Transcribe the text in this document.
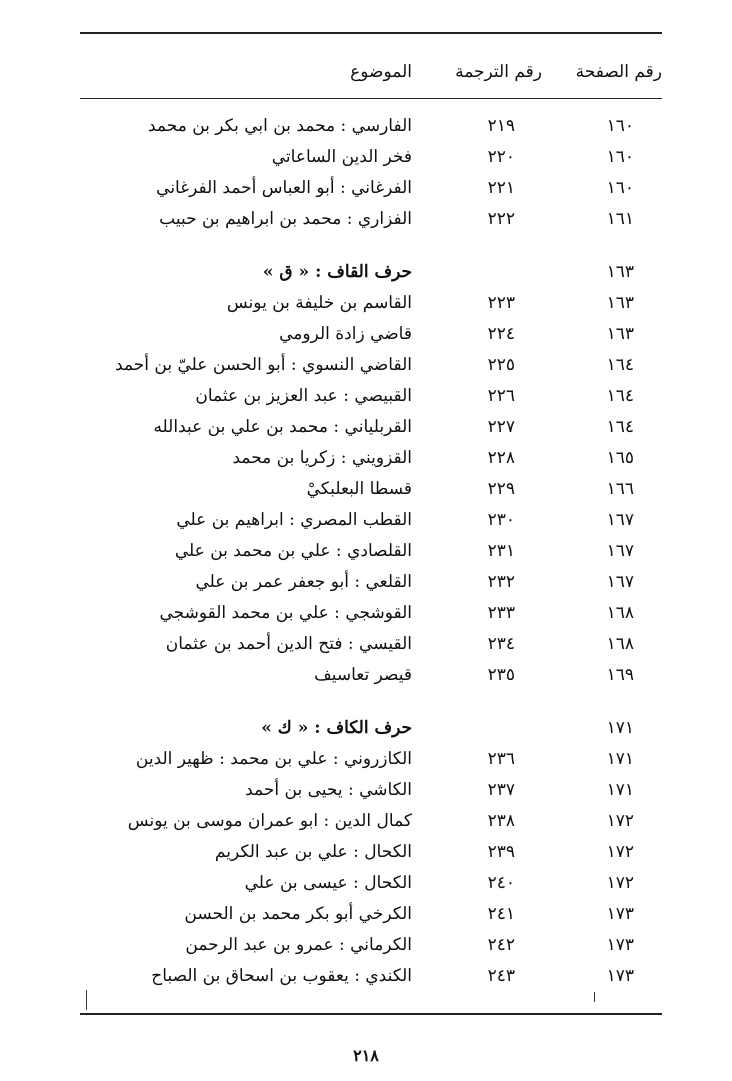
رقم الصفحة
رقم الترجمة
الموضوع
١٦٠
٢١٩
الفارسي : محمد بن ابي بكر بن محمد
١٦٠
٢٢٠
فخر الدين الساعاتي
١٦٠
٢٢١
الفرغاني : أبو العباس أحمد الفرغاني
١٦١
٢٢٢
الفزاري : محمد بن ابراهيم بن حبيب
١٦٣
حرف القاف : « ق »
١٦٣
٢٢٣
القاسم بن خليفة بن يونس
١٦٣
٢٢٤
قاضي زادة الرومي
١٦٤
٢٢٥
القاضي النسوي : أبو الحسن عليّ بن أحمد
١٦٤
٢٢٦
القبيصي : عبد العزيز بن عثمان
١٦٤
٢٢٧
القربلياني : محمد بن علي بن عبدالله
١٦٥
٢٢٨
القزويني : زكريا بن محمد
١٦٦
٢٢٩
قسطا البعلبكيْ
١٦٧
٢٣٠
القطب المصري : ابراهيم بن علي
١٦٧
٢٣١
القلصادي : علي بن محمد بن علي
١٦٧
٢٣٢
القلعي : أبو جعفر عمر بن علي
١٦٨
٢٣٣
القوشجي : علي بن محمد القوشجي
١٦٨
٢٣٤
القيسي : فتح الدين أحمد بن عثمان
١٦٩
٢٣٥
قيصر تعاسيف
١٧١
حرف الكاف : « ك »
١٧١
٢٣٦
الكازروني : علي بن محمد : ظهير الدين
١٧١
٢٣٧
الكاشي : يحيى بن أحمد
١٧٢
٢٣٨
كمال الدين : ابو عمران موسى بن يونس
١٧٢
٢٣٩
الكحال : علي بن عبد الكريم
١٧٢
٢٤٠
الكحال : عيسى بن علي
١٧٣
٢٤١
الكرخي أبو بكر محمد بن الحسن
١٧٣
٢٤٢
الكرماني : عمرو بن عبد الرحمن
١٧٣
٢٤٣
الكندي : يعقوب بن اسحاق بن الصباح
٢١٨
